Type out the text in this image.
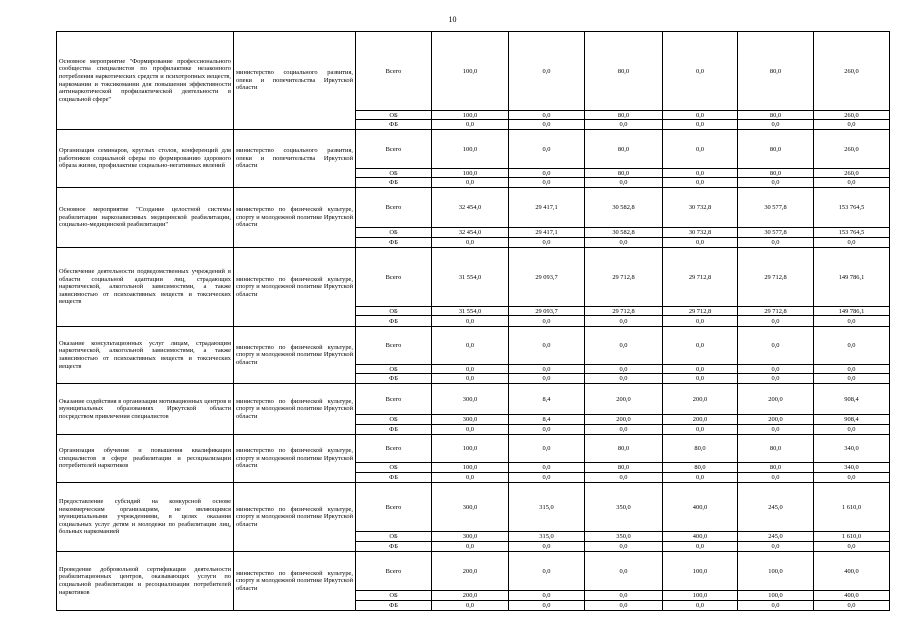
10
Основное мероприятие "Формирование профессионального сообщества специалистов по профилактике незаконного потребления наркотических средств и психотропных веществ, наркомании и токсикомании для повышения эффективности антинаркотической профилактической деятельности в социальной сфере"	министерство социального развития, опеки и попечительства Иркутской области	Всего	100,0	0,0	80,0	0,0	80,0	260,0
		ОБ	100,0	0,0	80,0	0,0	80,0	260,0
		ФБ	0,0	0,0	0,0	0,0	0,0	0,0
Организация семинаров, круглых столов, конференций для работников социальной сферы по формированию здорового образа жизни, профилактике социально-негативных явлений	министерство социального развития, опеки и попечительства Иркутской области	Всего	100,0	0,0	80,0	0,0	80,0	260,0
		ОБ	100,0	0,0	80,0	0,0	80,0	260,0
		ФБ	0,0	0,0	0,0	0,0	0,0	0,0
Основное мероприятие "Создание целостной системы реабилитации наркозависимых медицинской реабилитации, социально-медицинской реабилитации"	министерство по физической культуре, спорту и молодежной политике Иркутской области	Всего	32 454,0	29 417,1	30 582,8	30 732,8	30 577,8	153 764,5
		ОБ	32 454,0	29 417,1	30 582,8	30 732,8	30 577,8	153 764,5
		ФБ	0,0	0,0	0,0	0,0	0,0	0,0
Обеспечение деятельности подведомственных учреждений в области социальной адаптации лиц, страдающих наркотической, алкогольной зависимостями, а также зависимостью от психоактивных веществ и токсических веществ	министерство по физической культуре, спорту и молодежной политике Иркутской области	Всего	31 554,0	29 093,7	29 712,8	29 712,8	29 712,8	149 786,1
		ОБ	31 554,0	29 093,7	29 712,8	29 712,8	29 712,8	149 786,1
		ФБ	0,0	0,0	0,0	0,0	0,0	0,0
Оказание консультационных услуг лицам, страдающим наркотической, алкогольной зависимостями, а также зависимостью от психоактивных веществ и токсических веществ	министерство по физической культуре, спорту и молодежной политике Иркутской области	Всего	0,0	0,0	0,0	0,0	0,0	0,0
		ОБ	0,0	0,0	0,0	0,0	0,0	0,0
		ФБ	0,0	0,0	0,0	0,0	0,0	0,0
Оказание содействия в организации мотивационных центров в муниципальных образованиях Иркутской области посредством привлечения специалистов	министерство по физической культуре, спорту и молодежной политике Иркутской области	Всего	300,0	8,4	200,0	200,0	200,0	908,4
		ОБ	300,0	8,4	200,0	200,0	200,0	908,4
		ФБ	0,0	0,0	0,0	0,0	0,0	0,0
Организация обучения и повышения квалификации специалистов в сфере реабилитации и ресоциализации потребителей наркотиков	министерство по физической культуре, спорту и молодежной политике Иркутской области	Всего	100,0	0,0	80,0	80,0	80,0	340,0
		ОБ	100,0	0,0	80,0	80,0	80,0	340,0
		ФБ	0,0	0,0	0,0	0,0	0,0	0,0
Предоставление субсидий на конкурсной основе некоммерческим организациям, не являющимся муниципальными учреждениями, в целях оказания социальных услуг детям и молодежи по реабилитации лиц, больных наркоманией	министерство по физической культуре, спорту и молодежной политике Иркутской области	Всего	300,0	315,0	350,0	400,0	245,0	1 610,0
		ОБ	300,0	315,0	350,0	400,0	245,0	1 610,0
		ФБ	0,0	0,0	0,0	0,0	0,0	0,0
Проведение добровольной сертификации деятельности реабилитационных центров, оказывающих услуги по социальной реабилитации и ресоциализации потребителей наркотиков	министерство по физической культуре, спорту и молодежной политике Иркутской области	Всего	200,0	0,0	0,0	100,0	100,0	400,0
		ОБ	200,0	0,0	0,0	100,0	100,0	400,0
		ФБ	0,0	0,0	0,0	0,0	0,0	0,0
